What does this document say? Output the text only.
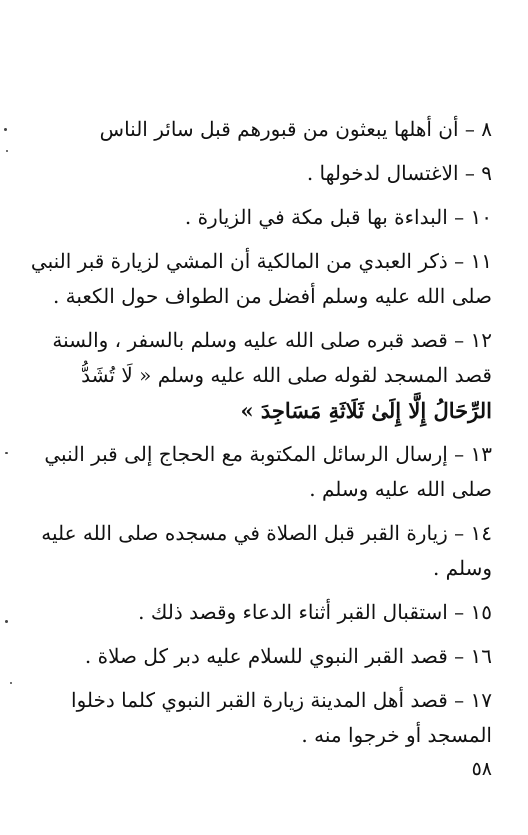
٨ – أن أهلها يبعثون من قبورهم قبل سائر الناس
٩ – الاغتسال لدخولها .
١٠ – البداءة بها قبل مكة في الزيارة .
١١ – ذكر العبدي من المالكية أن المشي لزيارة قبر النبي
صلى الله عليه وسلم أفضل من الطواف حول الكعبة .
١٢ – قصد قبره صلى الله عليه وسلم بالسفر ، والسنة
قصد المسجد لقوله صلى الله عليه وسلم « لَا تُشَدُّ
الرِّحَالُ إِلَّا إِلَىٰ ثَلَاثَةِ مَسَاجِدَ »
١٣ – إرسال الرسائل المكتوبة مع الحجاج إلى قبر النبي
صلى الله عليه وسلم .
١٤ – زيارة القبر قبل الصلاة في مسجده صلى الله عليه
وسلم .
١٥ – استقبال القبر أثناء الدعاء وقصد ذلك .
١٦ – قصد القبر النبوي للسلام عليه دبر كل صلاة .
١٧ – قصد أهل المدينة زيارة القبر النبوي كلما دخلوا
المسجد أو خرجوا منه .
٥٨
